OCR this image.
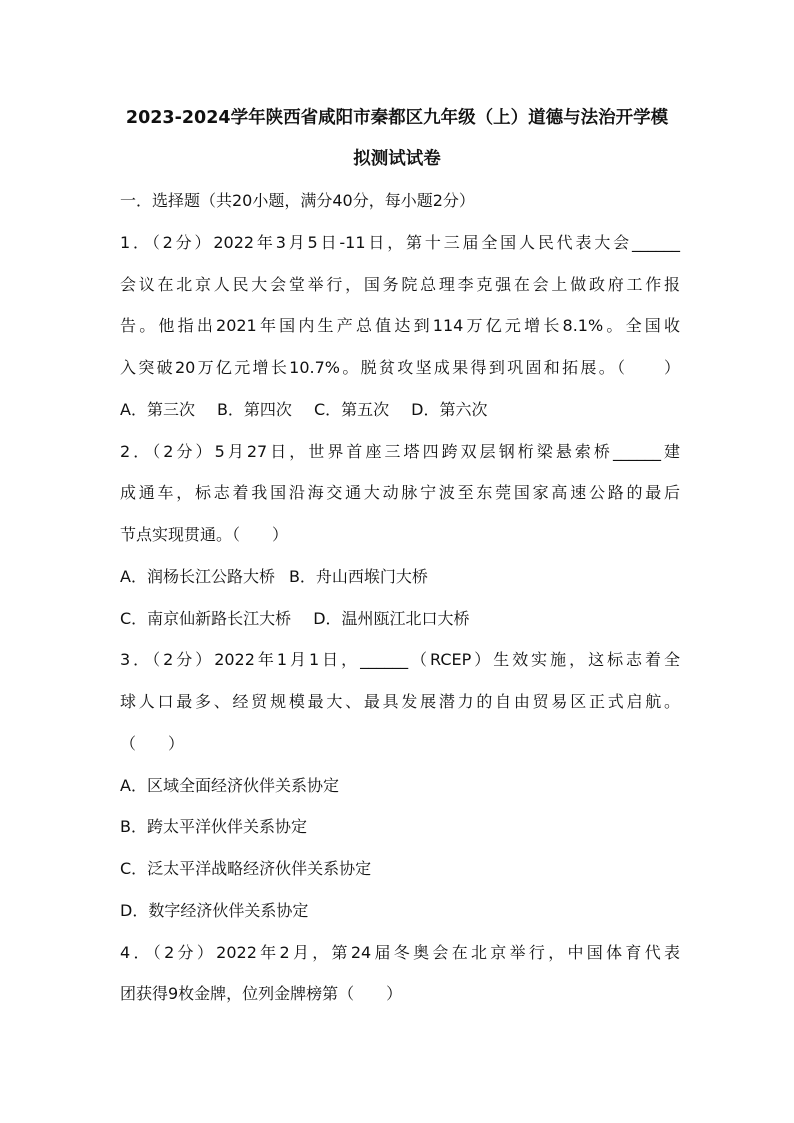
2023-2024学年陕西省咸阳市秦都区九年级（上）道德与法治开学模
拟测试试卷
一．选择题（共20小题，满分40分，每小题2分）
1．（2分）2022年3月5日-11日，第十三届全国人民代表大会______
会议在北京人民大会堂举行，国务院总理李克强在会上做政府工作报
告。他指出2021年国内生产总值达到114万亿元增长8.1%。全国收
入突破20万亿元增长10.7%。脱贫攻坚成果得到巩固和拓展。（　　）
A．第三次 B．第四次 C．第五次 D．第六次
2．（2分）5月27日，世界首座三塔四跨双层钢桁梁悬索桥______建
成通车，标志着我国沿海交通大动脉宁波至东莞国家高速公路的最后
节点实现贯通。（　　）
A．润杨长江公路大桥 B．舟山西堠门大桥
C．南京仙新路长江大桥 D．温州瓯江北口大桥
3．（2分）2022年1月1日，______（RCEP）生效实施，这标志着全
球人口最多、经贸规模最大、最具发展潜力的自由贸易区正式启航。
（　　）
A．区域全面经济伙伴关系协定
B．跨太平洋伙伴关系协定
C．泛太平洋战略经济伙伴关系协定
D．数字经济伙伴关系协定
4．（2分）2022年2月，第24届冬奥会在北京举行，中国体育代表
团获得9枚金牌，位列金牌榜第（　　）
